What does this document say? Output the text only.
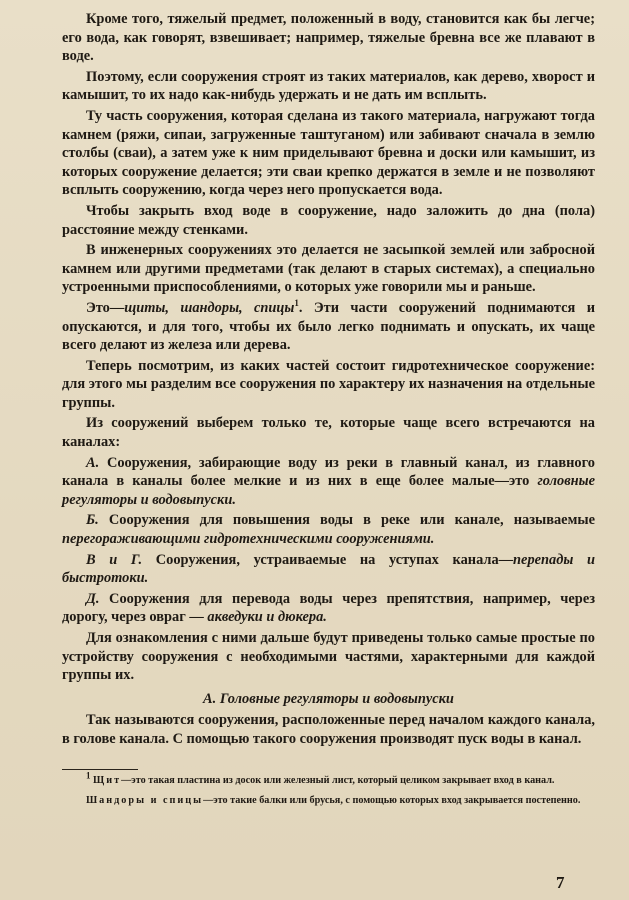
Кроме того, тяжелый предмет, положенный в воду, становится как бы легче; его вода, как говорят, взвешивает; например, тяжелые бревна все же плавают в воде.

Поэтому, если сооружения строят из таких материалов, как дерево, хворост и камышит, то их надо как-нибудь удержать и не дать им всплыть.

Ту часть сооружения, которая сделана из такого материала, нагружают тогда камнем (ряжи, сипаи, загруженные таштуганом) или забивают сначала в землю столбы (сваи), а затем уже к ним приделывают бревна и доски или камышит, из которых сооружение делается; эти сваи крепко держатся в земле и не позволяют всплыть сооружению, когда через него пропускается вода.

Чтобы закрыть вход воде в сооружение, надо заложить до дна (пола) расстояние между стенками.

В инженерных сооружениях это делается не засыпкой землей или забросной камнем или другими предметами (так делают в старых системах), а специально устроенными приспособлениями, о которых уже говорили мы и раньше.

Это—щиты, шандоры, спицы$^1$. Эти части сооружений поднимаются и опускаются, и для того, чтобы их было легко поднимать и опускать, их чаще всего делают из железа или дерева.

Теперь посмотрим, из каких частей состоит гидротехническое сооружение: для этого мы разделим все сооружения по характеру их назначения на отдельные группы.

Из сооружений выберем только те, которые чаще всего встречаются на каналах:

А. Сооружения, забирающие воду из реки в главный канал, из главного канала в каналы более мелкие и из них в еще более малые—это головные регуляторы и водовыпуски.

Б. Сооружения для повышения воды в реке или канале, называемые перегораживающими гидротехническими сооружениями.

В и Г. Сооружения, устраиваемые на уступах канала—перепады и быстротоки.

Д. Сооружения для перевода воды через препятствия, например, через дорогу, через овраг — акведуки и дюкера.

Для ознакомления с ними дальше будут приведены только самые простые по устройству сооружения с необходимыми частями, характерными для каждой группы их.

А. Головные регуляторы и водовыпуски

Так называются сооружения, расположенные перед началом каждого канала, в голове канала. С помощью такого сооружения производят пуск воды в канал.

$^1$ Щит—это такая пластина из досок или железный лист, который целиком закрывает вход в канал.

Шандоры и спицы—это такие балки или брусья, с помощью которых вход закрывается постепенно.

7
